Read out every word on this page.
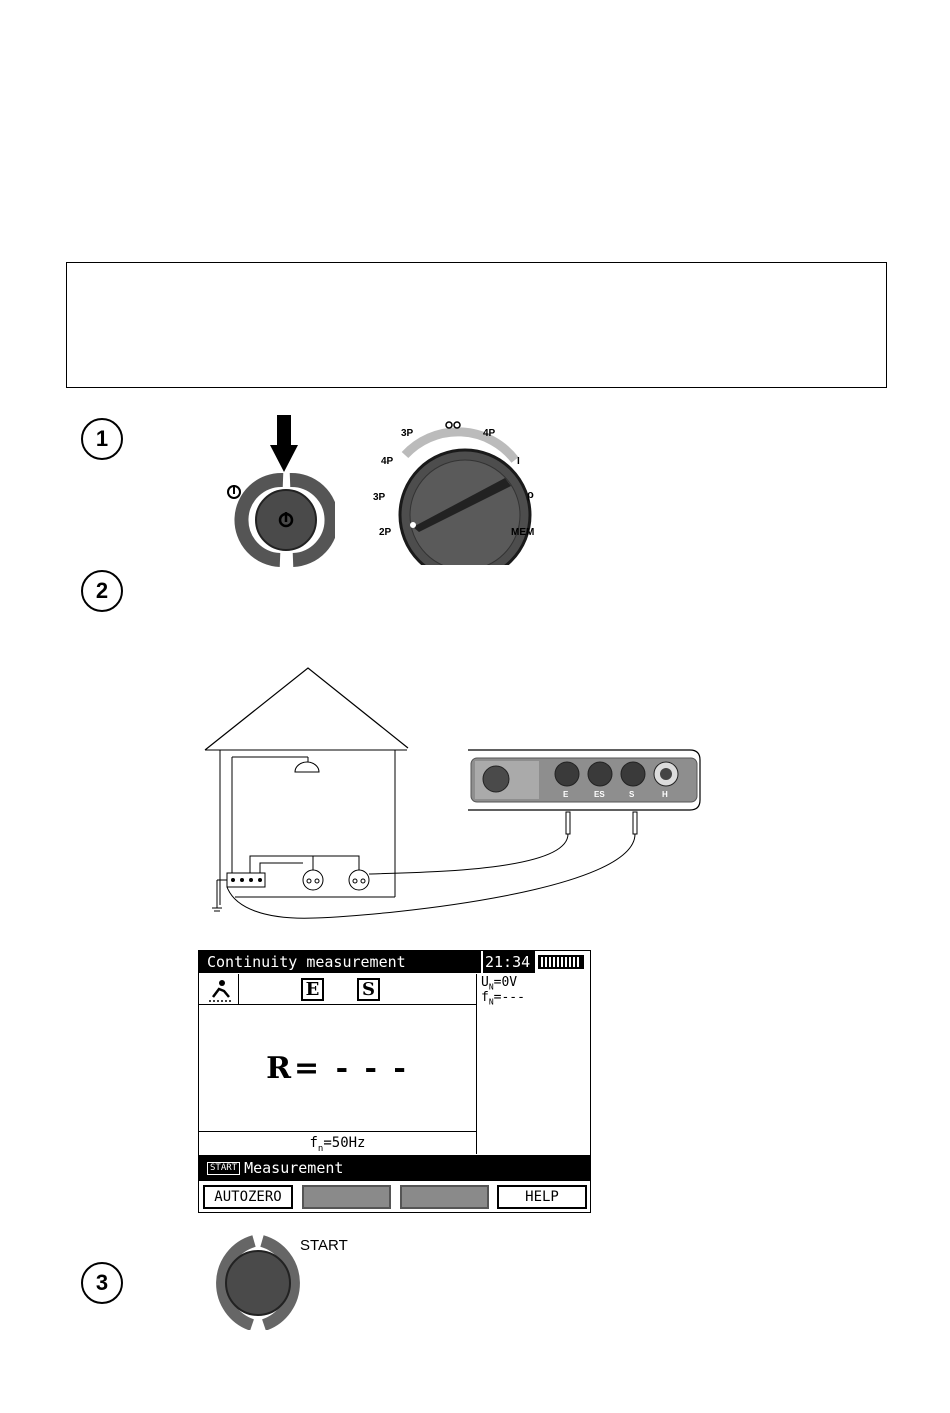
1
2
3
3P
4P
3P
2P
4P
I
MEM
ρ
E	ES	S	H
Continuity measurement	21:34
E S	$U_N=0V$
$f_N=---$
R= - - -
$f_n=50Hz$
START Measurement
AUTOZERO	HELP
START
